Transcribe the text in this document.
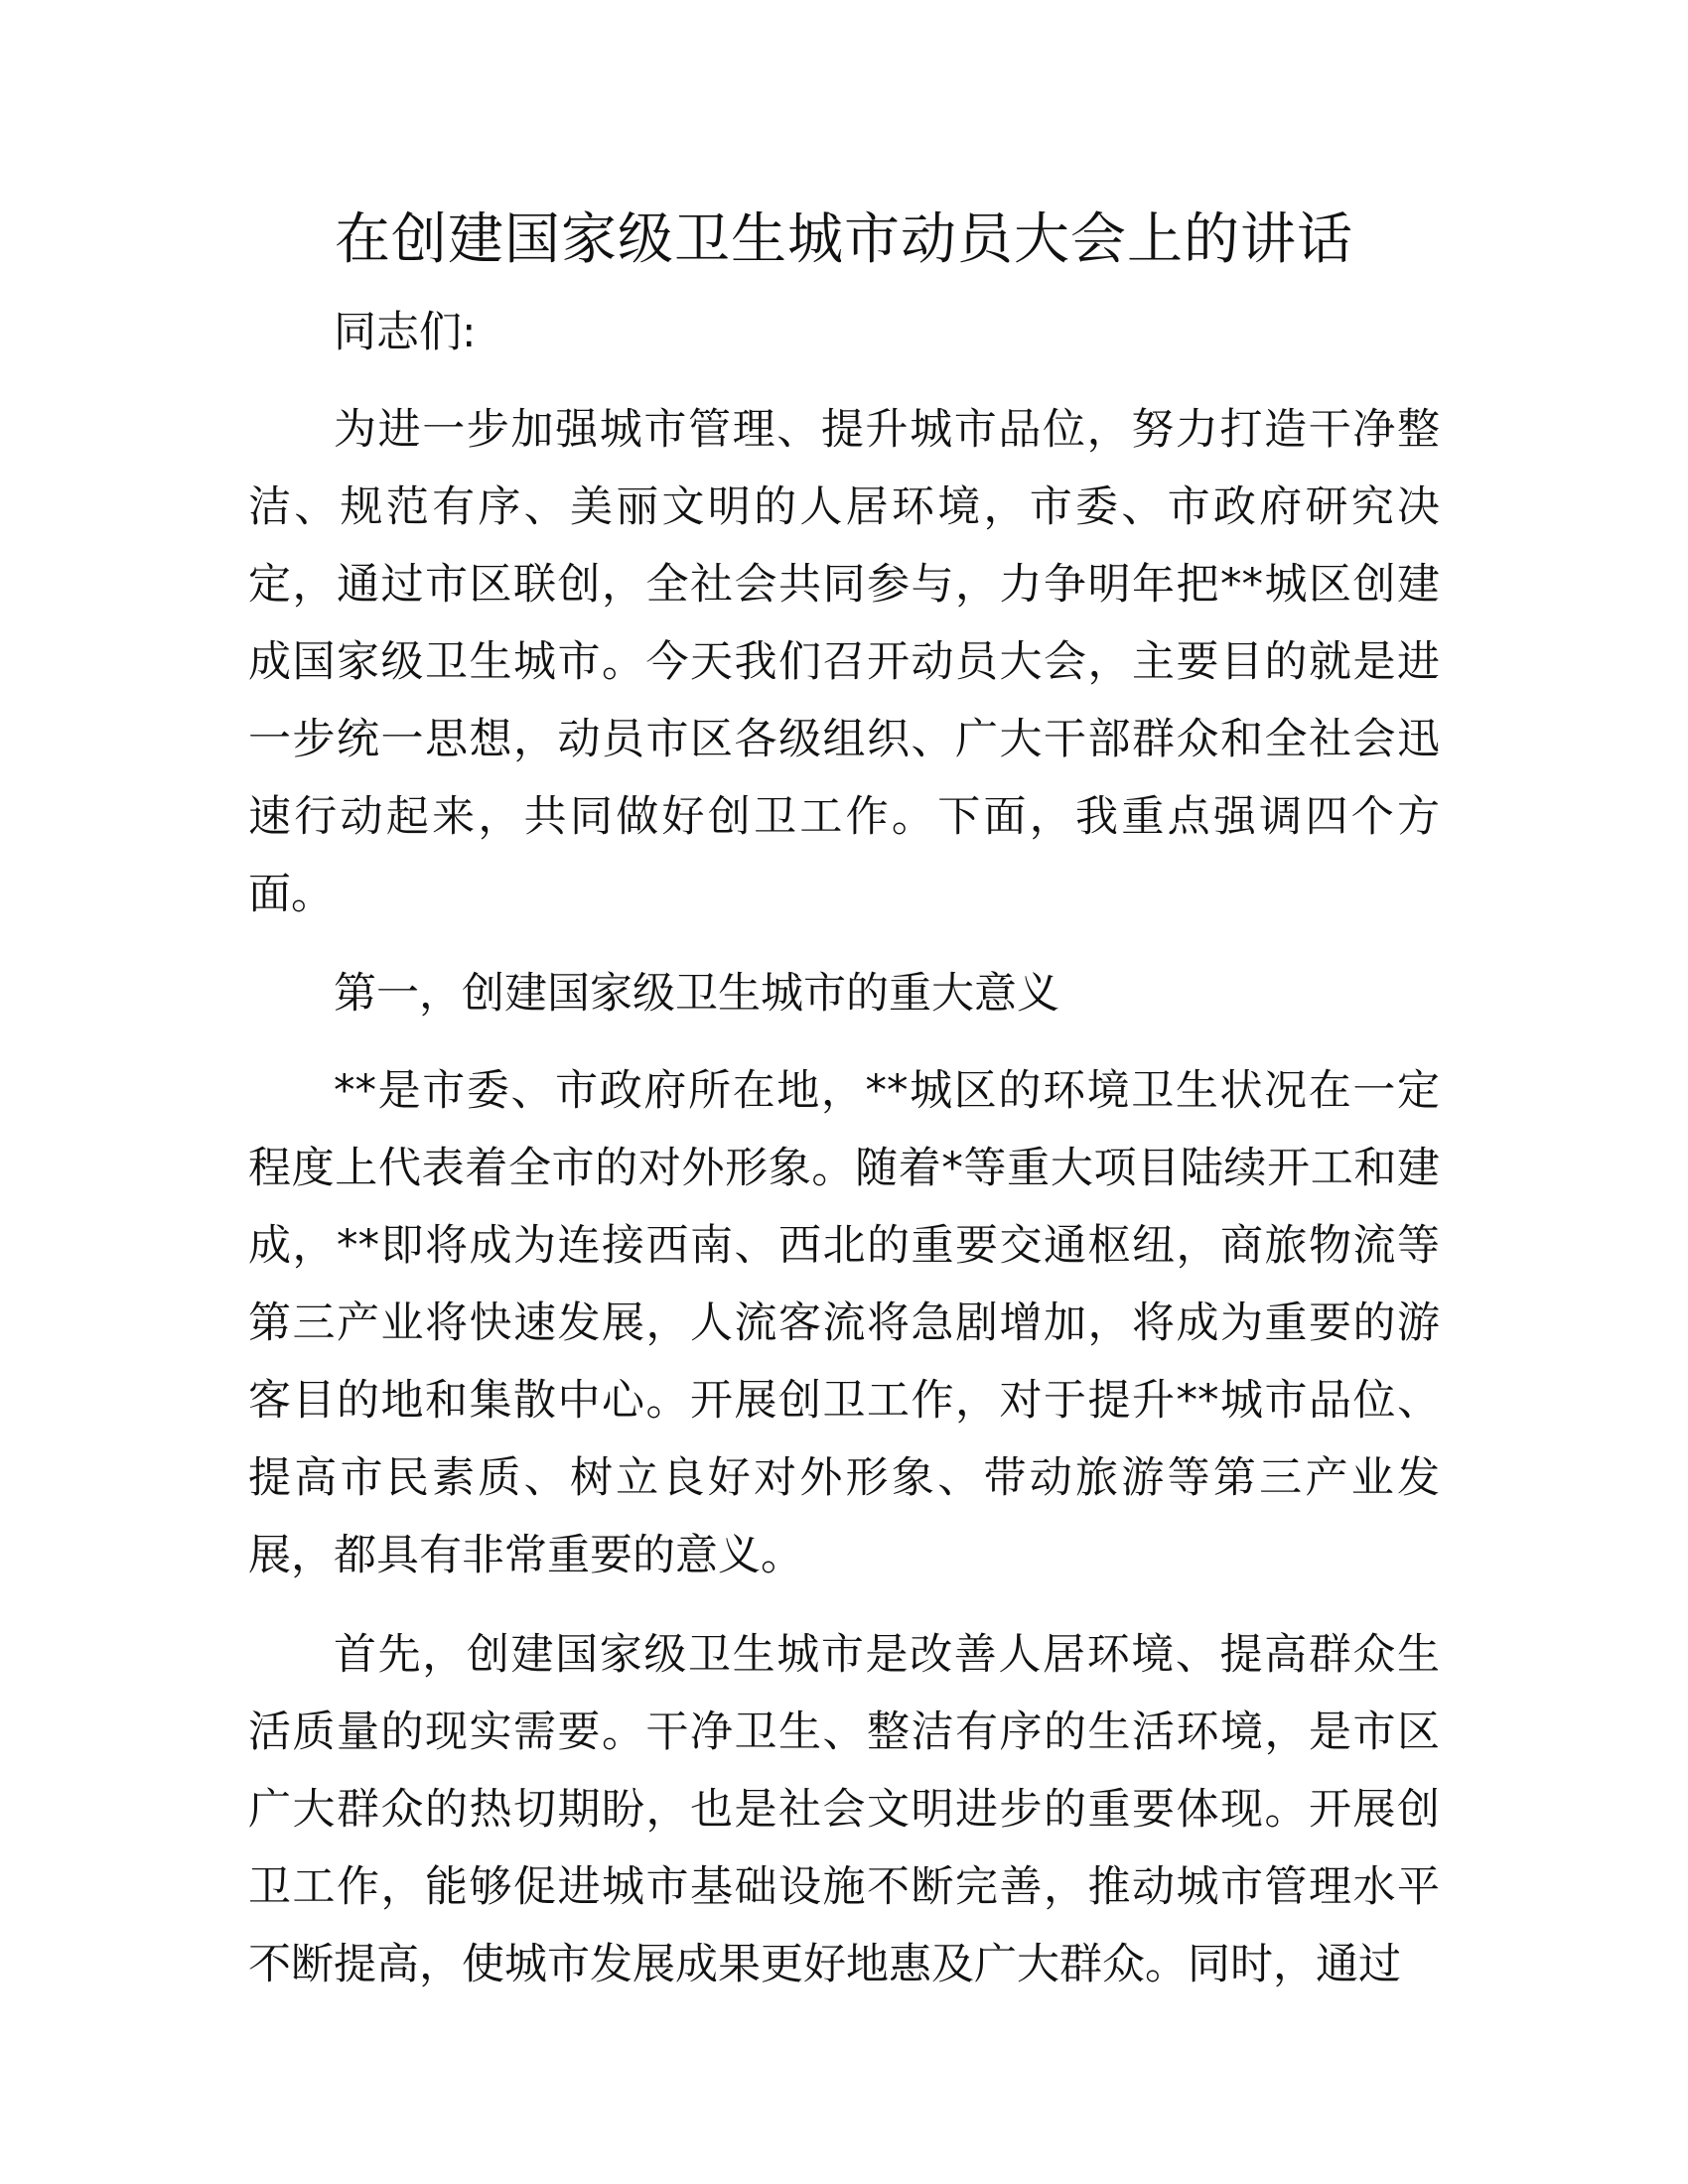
在创建国家级卫生城市动员大会上的讲话

同志们:

为进一步加强城市管理、提升城市品位，努力打造干净整洁、规范有序、美丽文明的人居环境，市委、市政府研究决定，通过市区联创，全社会共同参与，力争明年把**城区创建成国家级卫生城市。今天我们召开动员大会，主要目的就是进一步统一思想，动员市区各级组织、广大干部群众和全社会迅速行动起来，共同做好创卫工作。下面，我重点强调四个方面。

第一，创建国家级卫生城市的重大意义

**是市委、市政府所在地，**城区的环境卫生状况在一定程度上代表着全市的对外形象。随着*等重大项目陆续开工和建成，**即将成为连接西南、西北的重要交通枢纽，商旅物流等第三产业将快速发展，人流客流将急剧增加，将成为重要的游客目的地和集散中心。开展创卫工作，对于提升**城市品位、提高市民素质、树立良好对外形象、带动旅游等第三产业发展，都具有非常重要的意义。

首先，创建国家级卫生城市是改善人居环境、提高群众生活质量的现实需要。干净卫生、整洁有序的生活环境，是市区广大群众的热切期盼，也是社会文明进步的重要体现。开展创卫工作，能够促进城市基础设施不断完善，推动城市管理水平不断提高，使城市发展成果更好地惠及广大群众。同时，通过
